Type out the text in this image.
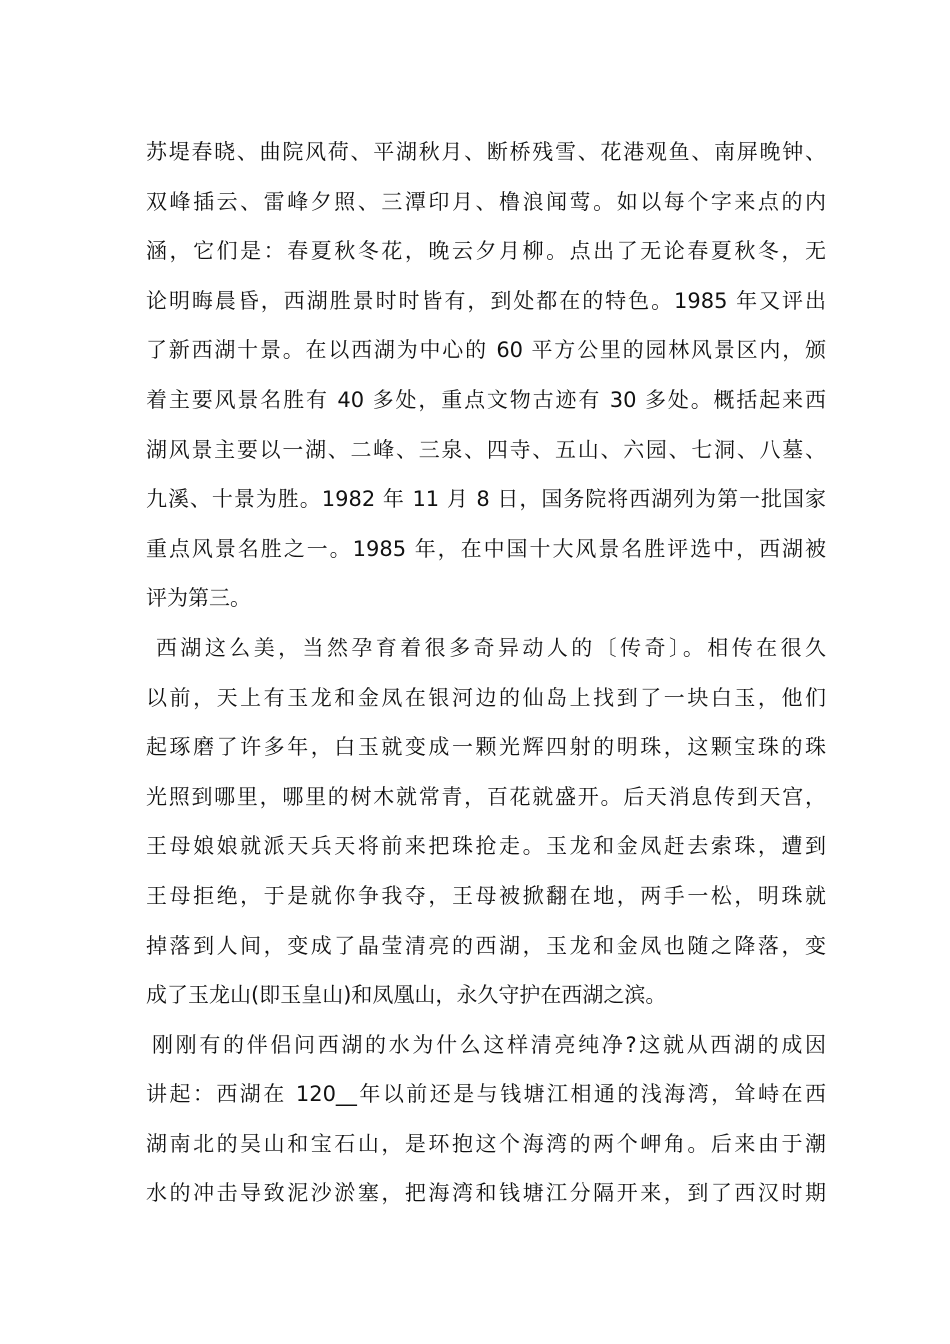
苏堤春晓、曲院风荷、平湖秋月、断桥残雪、花港观鱼、南屏晚钟、
双峰插云、雷峰夕照、三潭印月、橹浪闻莺。如以每个字来点的内
涵，它们是：春夏秋冬花，晚云夕月柳。点出了无论春夏秋冬，无
论明晦晨昏，西湖胜景时时皆有，到处都在的特色。1985 年又评出
了新西湖十景。在以西湖为中心的 60 平方公里的园林风景区内，颁
着主要风景名胜有 40 多处，重点文物古迹有 30 多处。概括起来西
湖风景主要以一湖、二峰、三泉、四寺、五山、六园、七洞、八墓、
九溪、十景为胜。1982 年 11 月 8 日，国务院将西湖列为第一批国家
重点风景名胜之一。1985 年，在中国十大风景名胜评选中，西湖被
评为第三。
西湖这么美，当然孕育着很多奇异动人的〔传奇〕。相传在很久
以前，天上有玉龙和金凤在银河边的仙岛上找到了一块白玉，他们
起琢磨了许多年，白玉就变成一颗光辉四射的明珠，这颗宝珠的珠
光照到哪里，哪里的树木就常青，百花就盛开。后天消息传到天宫，
王母娘娘就派天兵天将前来把珠抢走。玉龙和金凤赶去索珠，遭到
王母拒绝，于是就你争我夺，王母被掀翻在地，两手一松，明珠就
掉落到人间，变成了晶莹清亮的西湖，玉龙和金凤也随之降落，变
成了玉龙山(即玉皇山)和凤凰山，永久守护在西湖之滨。
刚刚有的伴侣问西湖的水为什么这样清亮纯净?这就从西湖的成因
讲起：西湖在 120__年以前还是与钱塘江相通的浅海湾，耸峙在西
湖南北的吴山和宝石山，是环抱这个海湾的两个岬角。后来由于潮
水的冲击导致泥沙淤塞，把海湾和钱塘江分隔开来，到了西汉时期
